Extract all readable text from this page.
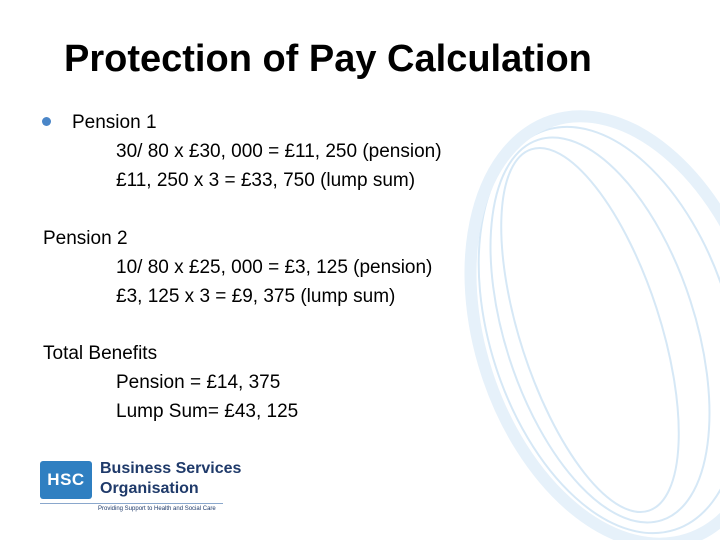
Protection of Pay Calculation
Pension 1
30/ 80 x £30, 000 = £11, 250 (pension)
£11, 250 x 3 = £33, 750 (lump sum)
Pension 2
10/ 80 x £25, 000 = £3, 125 (pension)
£3, 125 x 3 = £9, 375 (lump sum)
Total Benefits
Pension = £14, 375
Lump Sum= £43, 125
HSC
Business Services
Organisation
Providing Support to Health and Social Care
